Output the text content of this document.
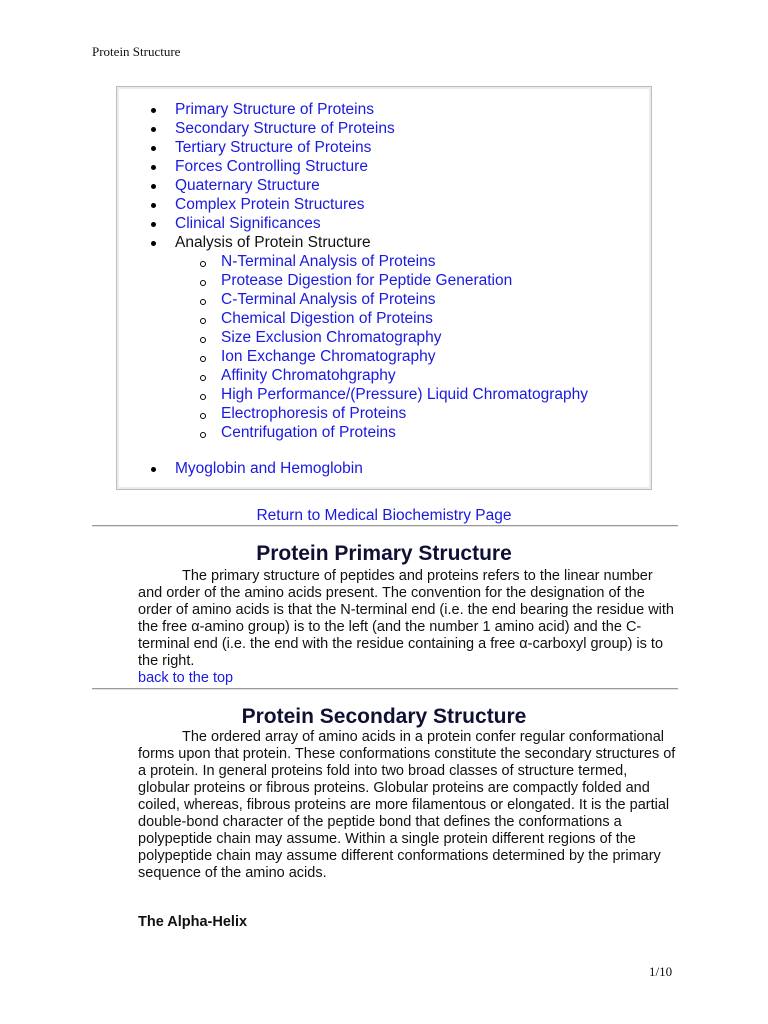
Protein Structure
Primary Structure of Proteins
Secondary Structure of Proteins
Tertiary Structure of Proteins
Forces Controlling Structure
Quaternary Structure
Complex Protein Structures
Clinical Significances
Analysis of Protein Structure
N-Terminal Analysis of Proteins
Protease Digestion for Peptide Generation
C-Terminal Analysis of Proteins
Chemical Digestion of Proteins
Size Exclusion Chromatography
Ion Exchange Chromatography
Affinity Chromatohgraphy
High Performance/(Pressure) Liquid Chromatography
Electrophoresis of Proteins
Centrifugation of Proteins
Myoglobin and Hemoglobin
Return to Medical Biochemistry Page
Protein Primary Structure
The primary structure of peptides and proteins refers to the linear number and order of the amino acids present. The convention for the designation of the order of amino acids is that the N-terminal end (i.e. the end bearing the residue with the free α-amino group) is to the left (and the number 1 amino acid) and the C-terminal end (i.e. the end with the residue containing a free α-carboxyl group) is to the right.
back to the top
Protein Secondary Structure
The ordered array of amino acids in a protein confer regular conformational forms upon that protein. These conformations constitute the secondary structures of a protein. In general proteins fold into two broad classes of structure termed, globular proteins or fibrous proteins. Globular proteins are compactly folded and coiled, whereas, fibrous proteins are more filamentous or elongated. It is the partial double-bond character of the peptide bond that defines the conformations a polypeptide chain may assume. Within a single protein different regions of the polypeptide chain may assume different conformations determined by the primary sequence of the amino acids.
The Alpha-Helix
1/10
